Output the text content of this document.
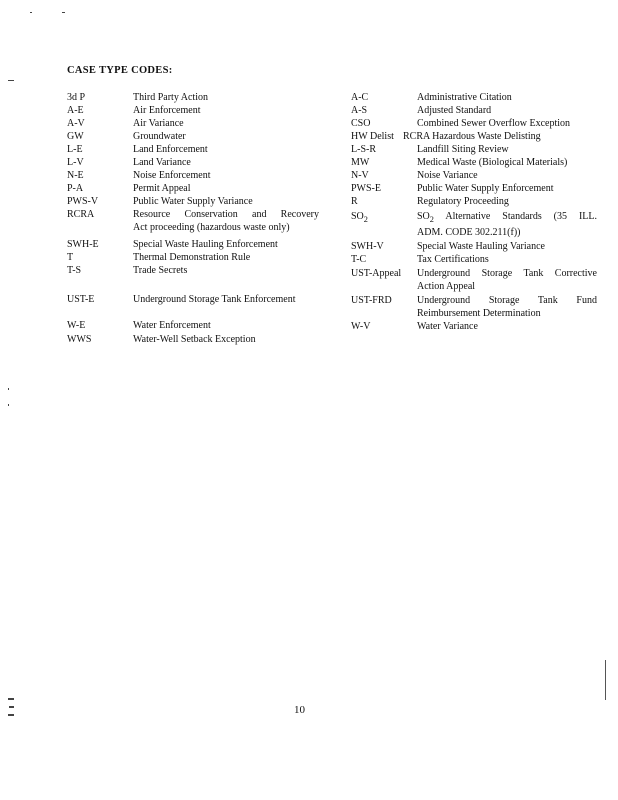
CASE TYPE CODES:
3d P	Third Party Action
A-E	Air Enforcement
A-V	Air Variance
GW	Groundwater
L-E	Land Enforcement
L-V	Land Variance
N-E	Noise Enforcement
P-A	Permit Appeal
PWS-V	Public Water Supply Variance
RCRA	Resource Conservation and Recovery
Act proceeding (hazardous waste only)
SWH-E	Special Waste Hauling Enforcement
T	Thermal Demonstration Rule
T-S	Trade Secrets
UST-E	Underground Storage Tank Enforcement
W-E	Water Enforcement
WWS	Water-Well Setback Exception
A-C	Administrative Citation
A-S	Adjusted Standard
CSO	Combined Sewer Overflow Exception
HW Delist RCRA Hazardous Waste Delisting
L-S-R	Landfill Siting Review
MW	Medical Waste (Biological Materials)
N-V	Noise Variance
PWS-E	Public Water Supply Enforcement
R	Regulatory Proceeding
$SO_2$	$SO_2$ Alternative Standards (35 ILL.
ADM. CODE 302.211(f))
SWH-V	Special Waste Hauling Variance
T-C	Tax Certifications
UST-Appeal Underground Storage Tank Corrective
Action Appeal
UST-FRD	Underground Storage Tank Fund
Reimbursement Determination
W-V	Water Variance
10
